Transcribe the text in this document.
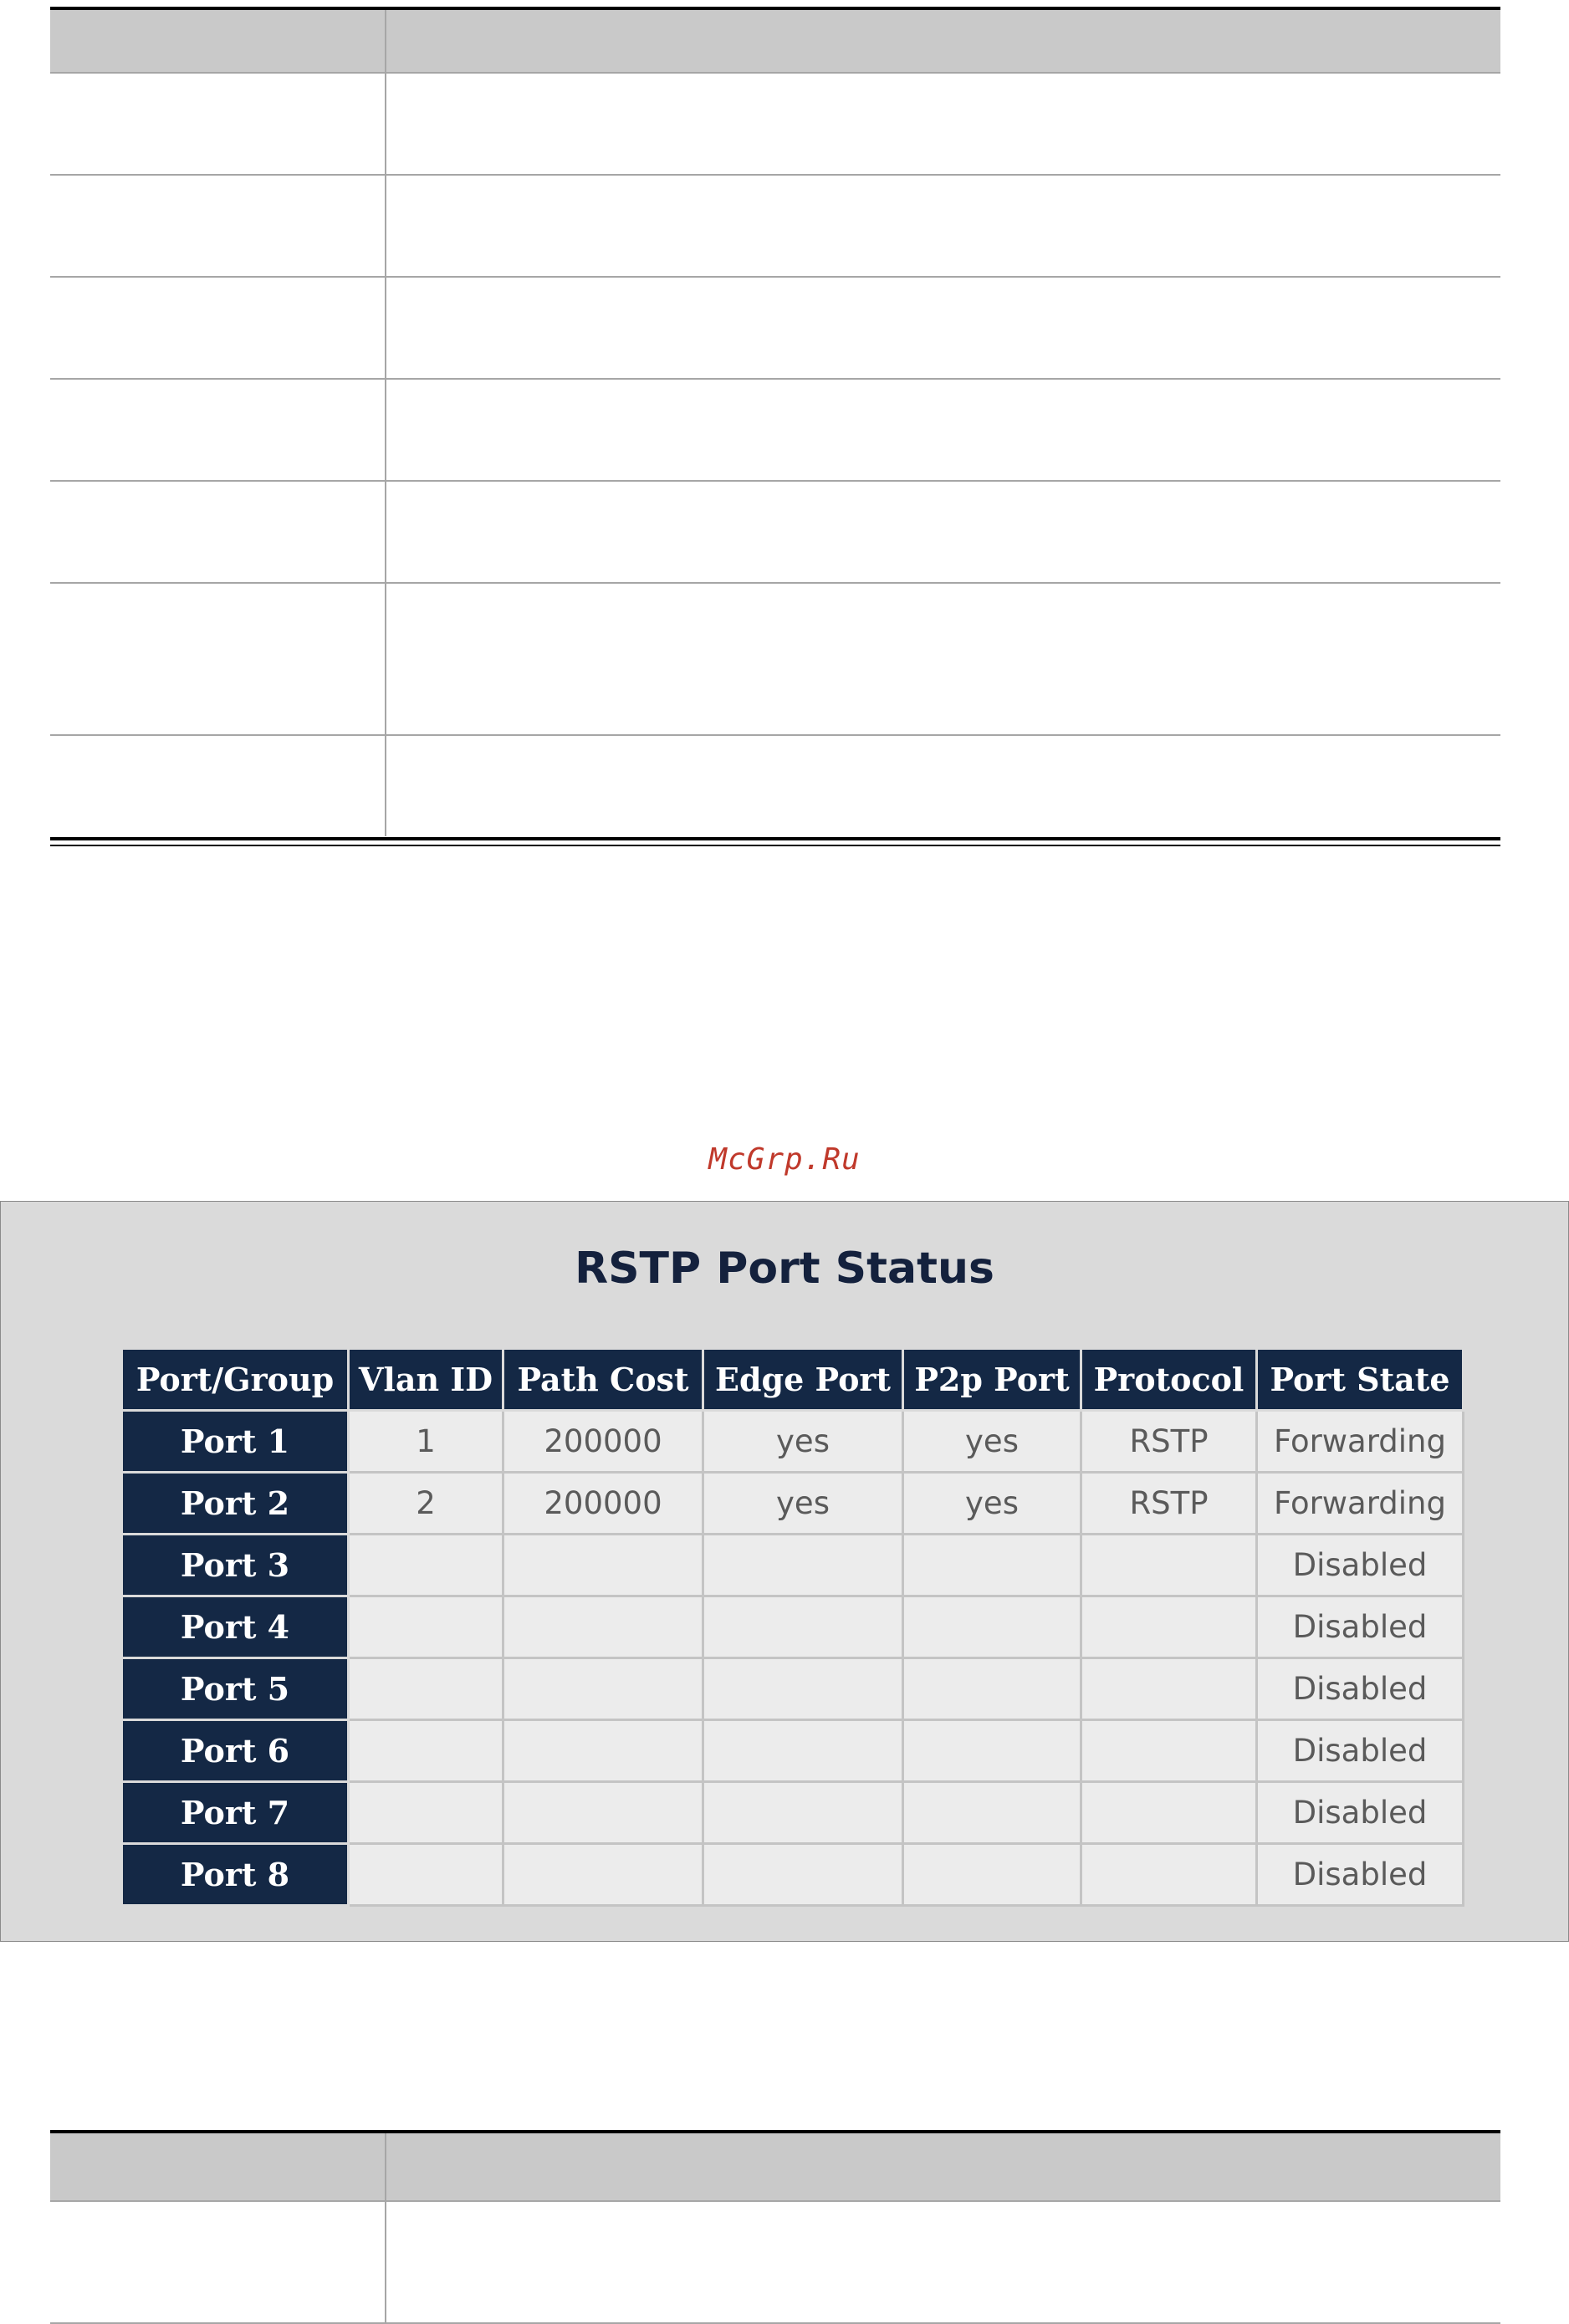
McGrp.Ru
RSTP Port Status
Port/Group	Vlan ID	Path Cost	Edge Port	P2p Port	Protocol	Port State
Port 1	1	200000	yes	yes	RSTP	Forwarding
Port 2	2	200000	yes	yes	RSTP	Forwarding
Port 3						Disabled
Port 4						Disabled
Port 5						Disabled
Port 6						Disabled
Port 7						Disabled
Port 8						Disabled
